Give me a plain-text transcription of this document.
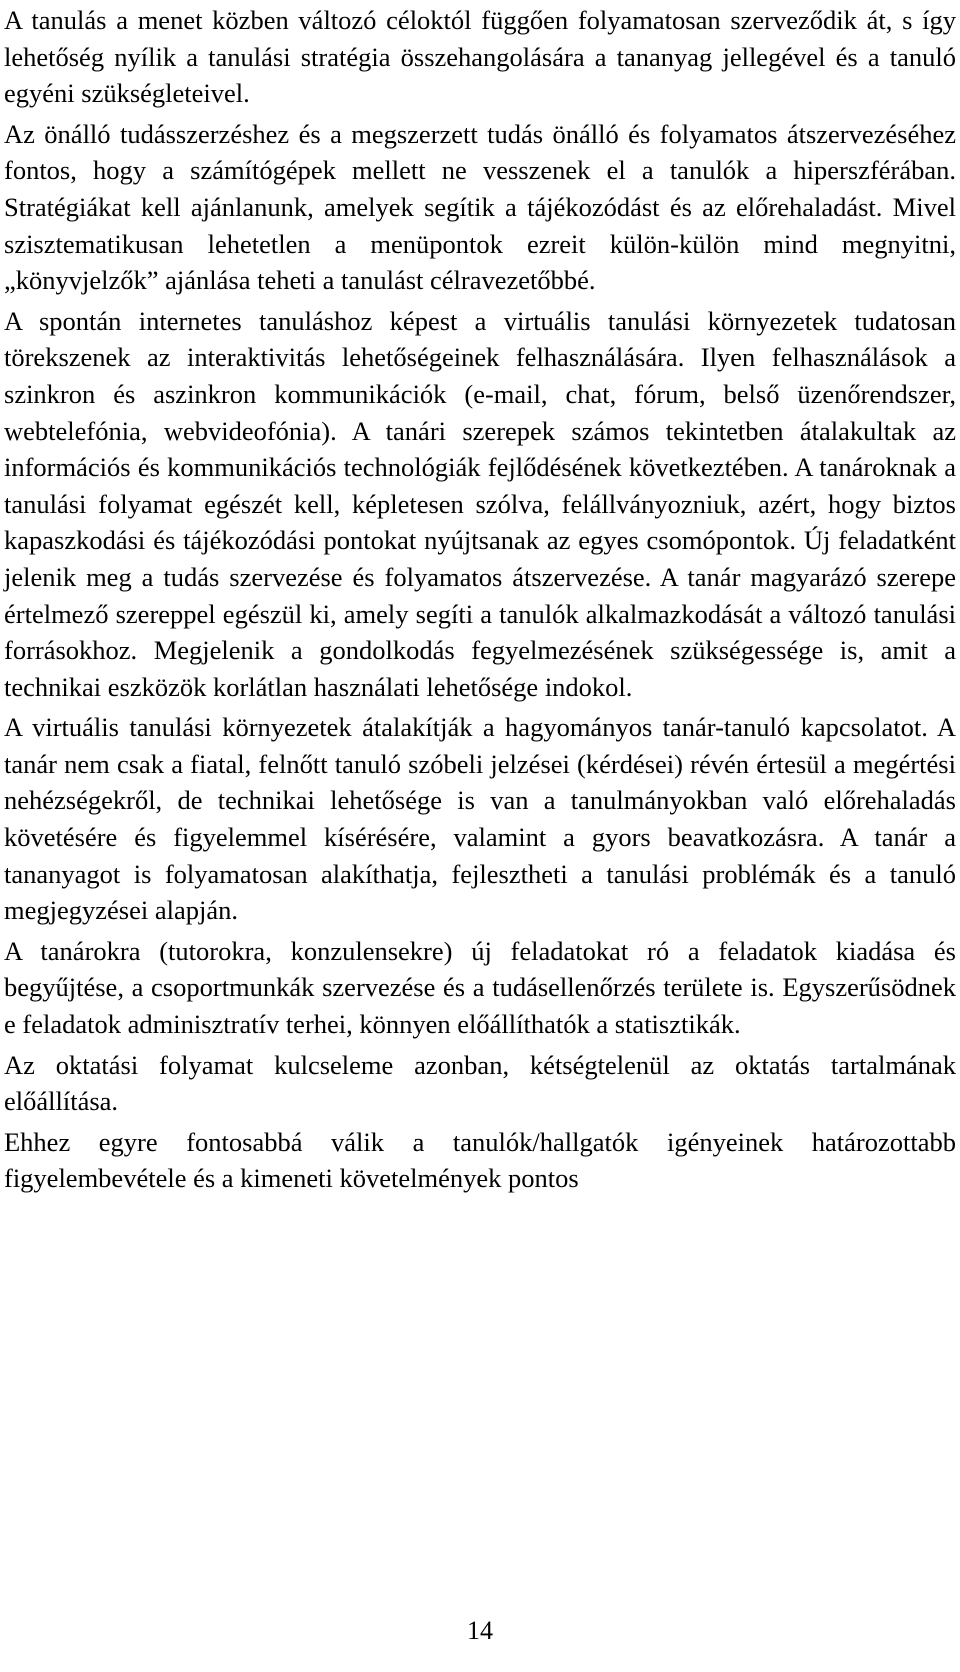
A tanulás a menet közben változó céloktól függően folyamatosan szerveződik át, s így lehetőség nyílik a tanulási stratégia összehangolására a tananyag jellegével és a tanuló egyéni szükségleteivel.

Az önálló tudásszerzéshez és a megszerzett tudás önálló és folyamatos átszervezéséhez fontos, hogy a számítógépek mellett ne vesszenek el a tanulók a hiperszférában. Stratégiákat kell ajánlanunk, amelyek segítik a tájékozódást és az előrehaladást. Mivel szisztematikusan lehetetlen a menüpontok ezreit külön-külön mind megnyitni, „könyvjelzők” ajánlása teheti a tanulást célravezetőbbé.

A spontán internetes tanuláshoz képest a virtuális tanulási környezetek tudatosan törekszenek az interaktivitás lehetőségeinek felhasználására. Ilyen felhasználások a szinkron és aszinkron kommunikációk (e-mail, chat, fórum, belső üzenőrendszer, webtelefónia, webvideofónia). A tanári szerepek számos tekintetben átalakultak az információs és kommunikációs technológiák fejlődésének következtében. A tanároknak a tanulási folyamat egészét kell, képletesen szólva, felállványozniuk, azért, hogy biztos kapaszkodási és tájékozódási pontokat nyújtsanak az egyes csomópontok. Új feladatként jelenik meg a tudás szervezése és folyamatos átszervezése. A tanár magyarázó szerepe értelmező szereppel egészül ki, amely segíti a tanulók alkalmazkodását a változó tanulási forrásokhoz. Megjelenik a gondolkodás fegyelmezésének szükségessége is, amit a technikai eszközök korlátlan használati lehetősége indokol.

A virtuális tanulási környezetek átalakítják a hagyományos tanár-tanuló kapcsolatot. A tanár nem csak a fiatal, felnőtt tanuló szóbeli jelzései (kérdései) révén értesül a megértési nehézségekről, de technikai lehetősége is van a tanulmányokban való előrehaladás követésére és figyelemmel kísérésére, valamint a gyors beavatkozásra. A tanár a tananyagot is folyamatosan alakíthatja, fejlesztheti a tanulási problémák és a tanuló megjegyzései alapján.

A tanárokra (tutorokra, konzulensekre) új feladatokat ró a feladatok kiadása és begyűjtése, a csoportmunkák szervezése és a tudásellenőrzés területe is. Egyszerűsödnek e feladatok adminisztratív terhei, könnyen előállíthatók a statisztikák.

Az oktatási folyamat kulcseleme azonban, kétségtelenül az oktatás tartalmának előállítása.

Ehhez egyre fontosabbá válik a tanulók/hallgatók igényeinek határozottabb figyelembevétele és a kimeneti követelmények pontos

14
